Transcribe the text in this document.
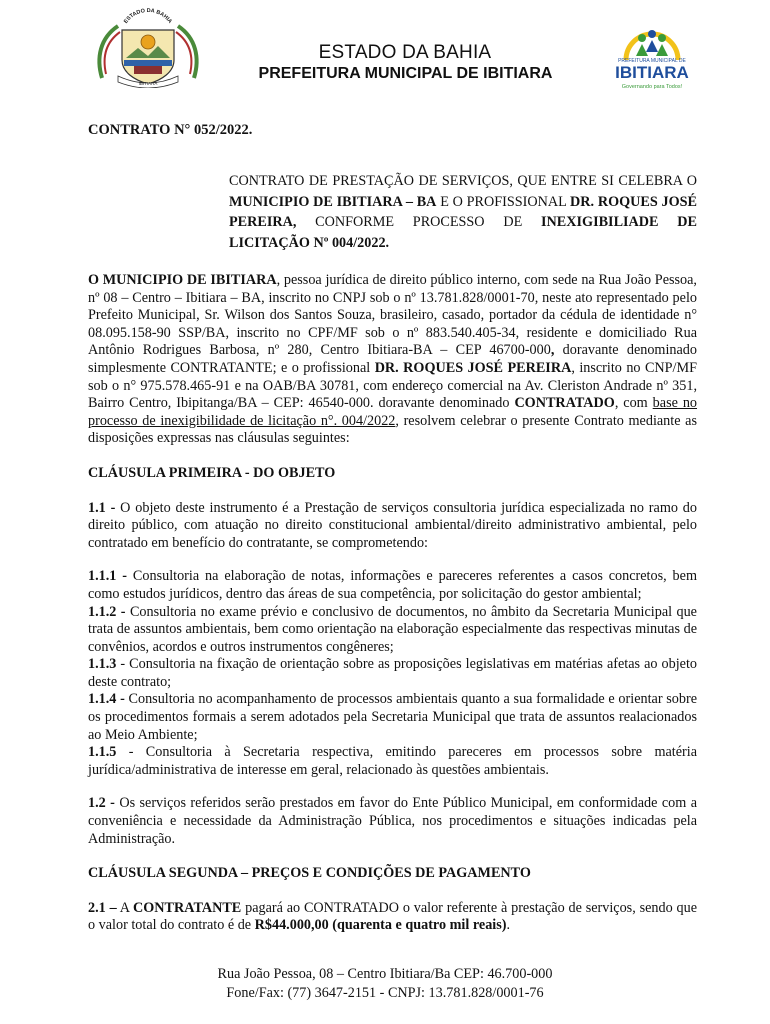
ESTADO DA BAHIA
IBITIARA
ESTADO DA BAHIA
PREFEITURA MUNICIPAL DE IBITIARA
PREFEITURA MUNICIPAL DE
IBITIARA
Governando para Todos!
CONTRATO N° 052/2022.
CONTRATO DE PRESTAÇÃO DE SERVIÇOS, QUE ENTRE SI CELEBRA O MUNICIPIO DE IBITIARA – BA E O PROFISSIONAL DR. ROQUES JOSÉ PEREIRA, CONFORME PROCESSO DE INEXIGIBILIADE DE LICITAÇÃO Nº 004/2022.

O MUNICIPIO DE IBITIARA, pessoa jurídica de direito público interno, com sede na Rua João Pessoa, nº 08 – Centro – Ibitiara – BA, inscrito no CNPJ sob o nº 13.781.828/0001-70, neste ato representado pelo Prefeito Municipal, Sr. Wilson dos Santos Souza, brasileiro, casado, portador da cédula de identidade n° 08.095.158-90 SSP/BA, inscrito no CPF/MF sob o nº 883.540.405-34, residente e domiciliado Rua Antônio Rodrigues Barbosa, nº 280, Centro Ibitiara-BA – CEP 46700-000, doravante denominado simplesmente CONTRATANTE; e o profissional DR. ROQUES JOSÉ PEREIRA, inscrito no CNP/MF sob o n° 975.578.465-91 e na OAB/BA 30781, com endereço comercial na Av. Cleriston Andrade nº 351, Bairro Centro, Ibipitanga/BA – CEP: 46540-000. doravante denominado CONTRATADO, com base no processo de inexigibilidade de licitação n°. 004/2022, resolvem celebrar o presente Contrato mediante as disposições expressas nas cláusulas seguintes:

CLÁUSULA PRIMEIRA - DO OBJETO

1.1 - O objeto deste instrumento é a Prestação de serviços consultoria jurídica especializada no ramo do direito público, com atuação no direito constitucional ambiental/direito administrativo ambiental, pelo contratado em benefício do contratante, se comprometendo:

1.1.1 - Consultoria na elaboração de notas, informações e pareceres referentes a casos concretos, bem como estudos jurídicos, dentro das áreas de sua competência, por solicitação do gestor ambiental;

1.1.2 - Consultoria no exame prévio e conclusivo de documentos, no âmbito da Secretaria Municipal que trata de assuntos ambientais, bem como orientação na elaboração especialmente das respectivas minutas de convênios, acordos e outros instrumentos congêneres;

1.1.3 - Consultoria na fixação de orientação sobre as proposições legislativas em matérias afetas ao objeto deste contrato;

1.1.4 - Consultoria no acompanhamento de processos ambientais quanto a sua formalidade e orientar sobre os procedimentos formais a serem adotados pela Secretaria Municipal que trata de assuntos realacionados ao Meio Ambiente;

1.1.5 - Consultoria à Secretaria respectiva, emitindo pareceres em processos sobre matéria jurídica/administrativa de interesse em geral, relacionado às questões ambientais.

1.2 - Os serviços referidos serão prestados em favor do Ente Público Municipal, em conformidade com a conveniência e necessidade da Administração Pública, nos procedimentos e situações indicadas pela Administração.

CLÁUSULA SEGUNDA – PREÇOS E CONDIÇÕES DE PAGAMENTO

2.1 – A CONTRATANTE pagará ao CONTRATADO o valor referente à prestação de serviços, sendo que o valor total do contrato é de R$44.000,00 (quarenta e quatro mil reais).

Rua João Pessoa, 08 – Centro Ibitiara/Ba CEP: 46.700-000
Fone/Fax: (77) 3647-2151 - CNPJ: 13.781.828/0001-76
